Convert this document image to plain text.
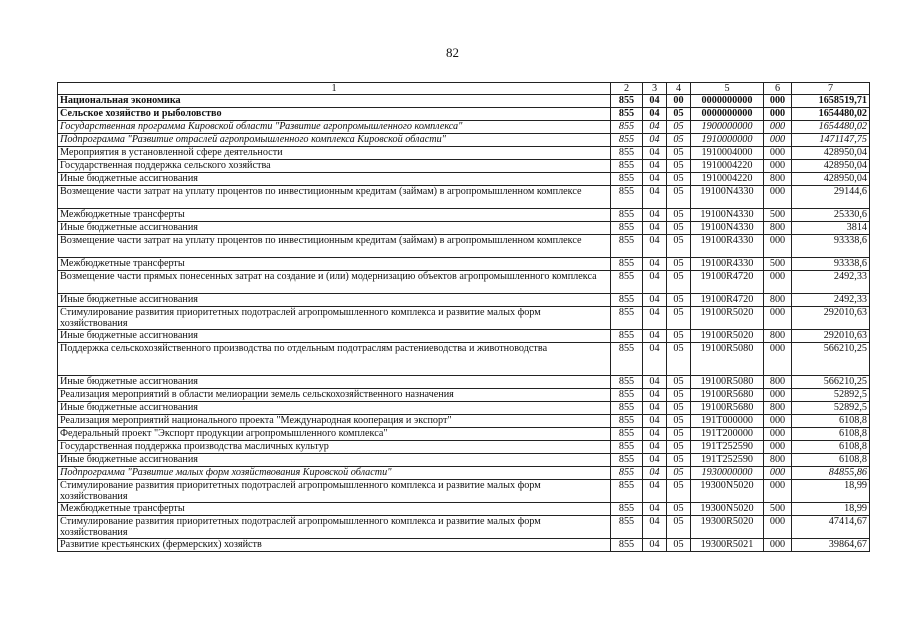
82
1	2	3	4	5	6	7
Национальная экономика	855	04	00	0000000000	000	1658519,71
Сельское хозяйство и рыболовство	855	04	05	0000000000	000	1654480,02
Государственная программа Кировской области "Развитие агропромышленного комплекса"	855	04	05	1900000000	000	1654480,02
Подпрограмма "Развитие отраслей агропромышленного комплекса Кировской области"	855	04	05	1910000000	000	1471147,75
Мероприятия в установленной сфере деятельности	855	04	05	1910004000	000	428950,04
Государственная поддержка сельского хозяйства	855	04	05	1910004220	000	428950,04
Иные бюджетные ассигнования	855	04	05	1910004220	800	428950,04
Возмещение части затрат на уплату процентов по инвестиционным кредитам (займам) в агропромышленном комплексе	855	04	05	19100N4330	000	29144,6
Межбюджетные трансферты	855	04	05	19100N4330	500	25330,6
Иные бюджетные ассигнования	855	04	05	19100N4330	800	3814
Возмещение части затрат на уплату процентов по инвестиционным кредитам (займам) в агропромышленном комплексе	855	04	05	19100R4330	000	93338,6
Межбюджетные трансферты	855	04	05	19100R4330	500	93338,6
Возмещение части прямых понесенных затрат на создание и (или) модернизацию объектов агропромышленного комплекса	855	04	05	19100R4720	000	2492,33
Иные бюджетные ассигнования	855	04	05	19100R4720	800	2492,33
Стимулирование развития приоритетных подотраслей агропромышленного комплекса и развитие малых форм хозяйствования	855	04	05	19100R5020	000	292010,63
Иные бюджетные ассигнования	855	04	05	19100R5020	800	292010,63
Поддержка сельскохозяйственного производства по отдельным подотраслям растениеводства и животноводства	855	04	05	19100R5080	000	566210,25
Иные бюджетные ассигнования	855	04	05	19100R5080	800	566210,25
Реализация мероприятий в области мелиорации земель сельскохозяйственного назначения	855	04	05	19100R5680	000	52892,5
Иные бюджетные ассигнования	855	04	05	19100R5680	800	52892,5
Реализация мероприятий национального проекта "Международная кооперация и экспорт"	855	04	05	191T000000	000	6108,8
Федеральный проект "Экспорт продукции агропромышленного комплекса"	855	04	05	191T200000	000	6108,8
Государственная поддержка производства масличных культур	855	04	05	191T252590	000	6108,8
Иные бюджетные ассигнования	855	04	05	191T252590	800	6108,8
Подпрограмма "Развитие малых форм хозяйствования Кировской области"	855	04	05	1930000000	000	84855,86
Стимулирование развития приоритетных подотраслей агропромышленного комплекса и развитие малых форм хозяйствования	855	04	05	19300N5020	000	18,99
Межбюджетные трансферты	855	04	05	19300N5020	500	18,99
Стимулирование развития приоритетных подотраслей агропромышленного комплекса и развитие малых форм хозяйствования	855	04	05	19300R5020	000	47414,67
Развитие крестьянских (фермерских) хозяйств	855	04	05	19300R5021	000	39864,67
